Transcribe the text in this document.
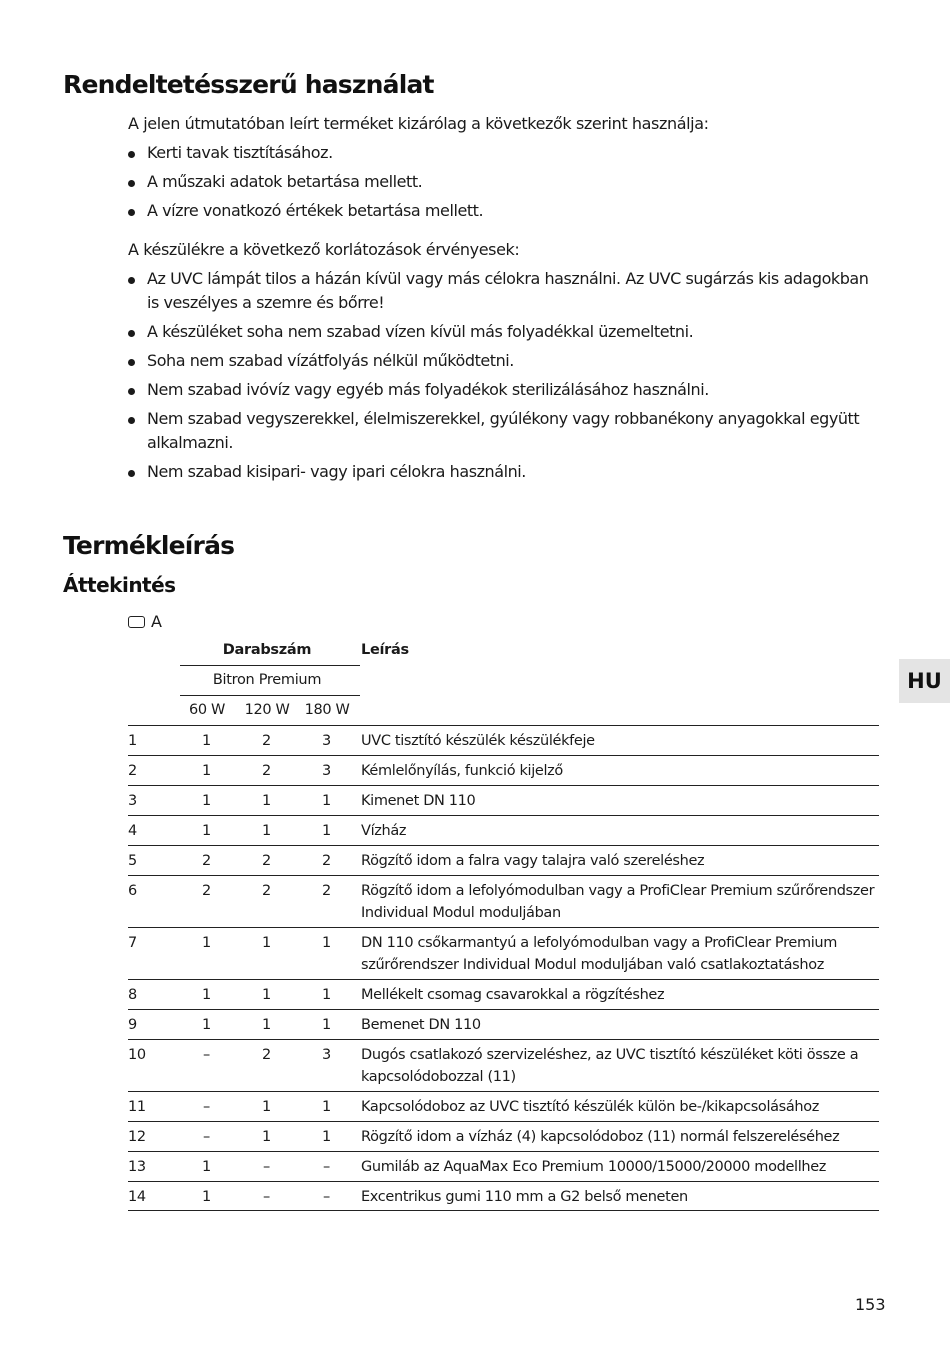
Rendeltetésszerű használat

A jelen útmutatóban leírt terméket kizárólag a következők szerint használja:

Kerti tavak tisztításához.
A műszaki adatok betartása mellett.
A vízre vonatkozó értékek betartása mellett.

A készülékre a következő korlátozások érvényesek:

Az UVC lámpát tilos a házán kívül vagy más célokra használni. Az UVC sugárzás kis adagokban is veszélyes a szemre és bőrre!
A készüléket soha nem szabad vízen kívül más folyadékkal üzemeltetni.
Soha nem szabad vízátfolyás nélkül működtetni.
Nem szabad ivóvíz vagy egyéb más folyadékok sterilizálásához használni.
Nem szabad vegyszerekkel, élelmiszerekkel, gyúlékony vagy robbanékony anyagokkal együtt alkalmazni.
Nem szabad kisipari- vagy ipari célokra használni.
Termékleírás
Áttekintés
A
Darabszám	Leírás
Bitron Premium
60 W 120 W 180 W
1	1	2	3	UVC tisztító készülék készülékfeje
2	1	2	3	Kémlelőnyílás, funkció kijelző
3	1	1	1	Kimenet DN 110
4	1	1	1	Vízház
5	2	2	2	Rögzítő idom a falra vagy talajra való szereléshez
6	2	2	2	Rögzítő idom a lefolyómodulban vagy a ProfiClear Premium szűrőrendszer Individual Modul moduljában
7	1	1	1	DN 110 csőkarmantyú a lefolyómodulban vagy a ProfiClear Premium szűrőrendszer Individual Modul moduljában való csatlakoztatáshoz
8	1	1	1	Mellékelt csomag csavarokkal a rögzítéshez
9	1	1	1	Bemenet DN 110
10	–	2	3	Dugós csatlakozó szervizeléshez, az UVC tisztító készüléket köti össze a kapcsolódobozzal (11)
11	–	1	1	Kapcsolódoboz az UVC tisztító készülék külön be-/kikapcsolásához
12	–	1	1	Rögzítő idom a vízház (4) kapcsolódoboz (11) normál felszereléséhez
13	1	–	–	Gumiláb az AquaMax Eco Premium 10000/15000/20000 modellhez
14	1	–	–	Excentrikus gumi 110 mm a G2 belső meneten
HU
153
